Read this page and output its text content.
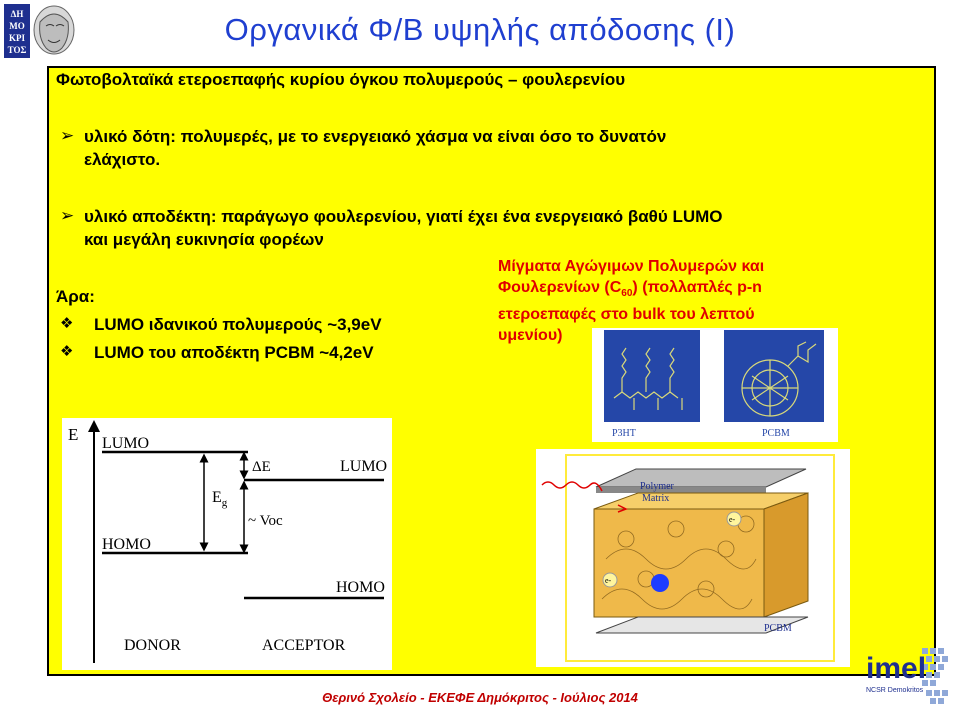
ΔΗ
ΜΟ
ΚΡΙ
ΤΟΣ
Οργανικά Φ/Β υψηλής απόδοσης (Ι)
Φωτοβολταϊκά ετεροεπαφής κυρίου όγκου πολυμερούς – φουλερενίου
➢ υλικό δότη: πολυμερές, με το ενεργειακό χάσμα να είναι όσο το δυνατόν
ελάχιστο.
➢ υλικό αποδέκτη: παράγωγο φουλερενίου, γιατί έχει ένα ενεργειακό βαθύ LUMO
και μεγάλη ευκινησία φορέων
Άρα:
❖ LUMO ιδανικού πολυμερούς ~3,9eV
❖ LUMO του αποδέκτη PCBM ~4,2eV
Μίγματα Αγώγιμων Πολυμερών και
Φουλερενίων $(C_{60})$ (πολλαπλές p-n
ετεροεπαφές στο bulk του λεπτού
υμενίου)
E LUMO
HOMO
$E_g$
ΔE	LUMO
~ Voc
HOMO
DONOR	ACCEPTOR
P3HT	PCBM
e-
e-
Polymer
Matrix
PCBM
imel
NCSR Demokritos
Θερινό Σχολείο - ΕΚΕΦΕ Δημόκριτος - Ιούλιος 2014
